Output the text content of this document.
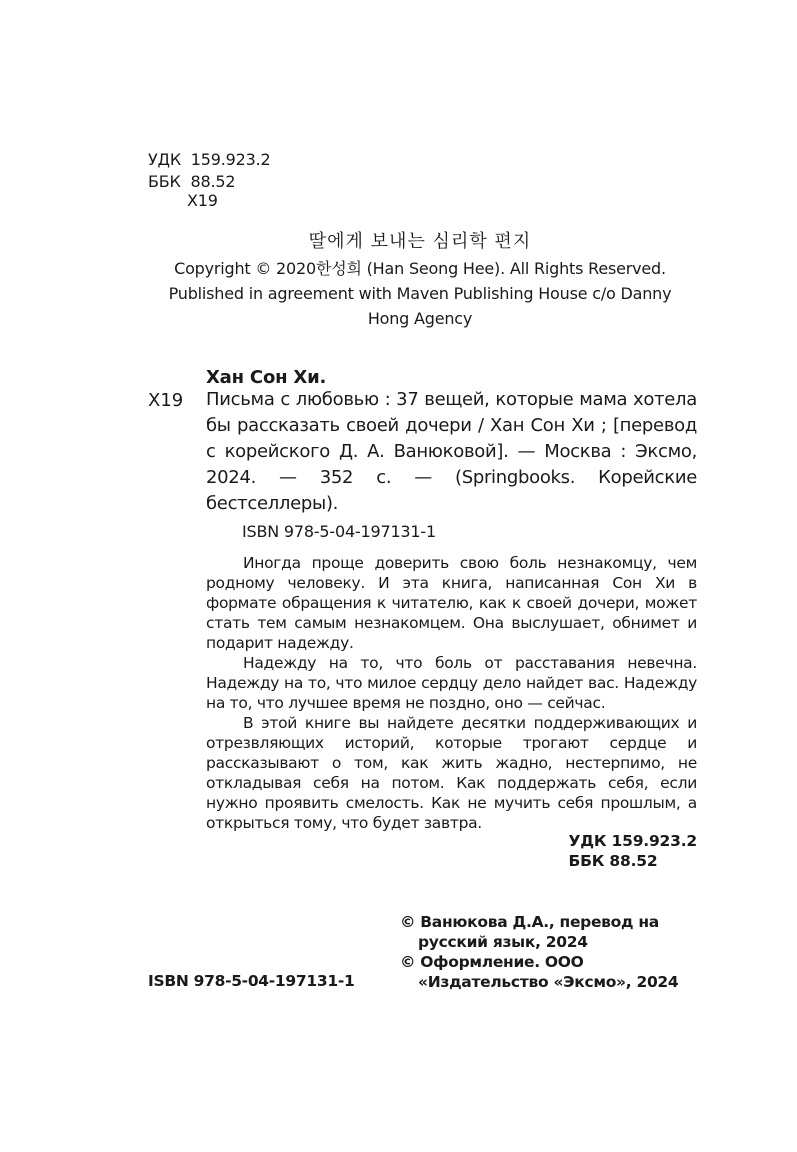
УДК 159.923.2
ББК 88.52
Х19
딸에게 보내는 심리학 편지
Copyright © 2020한성희 (Han Seong Hee). All Rights Reserved.
Published in agreement with Maven Publishing House c/o Danny
Hong Agency
Хан Сон Хи.
Х19 Письма с любовью : 37 вещей, которые мама хотела бы рассказать своей дочери / Хан Сон Хи ; [перевод с корейского Д. А. Ванюковой]. — Москва : Эксмо, 2024. — 352 с. — (Springbooks. Корейские бестселлеры).
ISBN 978-5-04-197131-1

Иногда проще доверить свою боль незнакомцу, чем родному человеку. И эта книга, написанная Сон Хи в формате обращения к читателю, как к своей дочери, может стать тем самым незнакомцем. Она выслушает, обнимет и подарит надежду.

Надежду на то, что боль от расставания невечна. Надежду на то, что милое сердцу дело найдет вас. Надежду на то, что лучшее время не поздно, оно — сейчас.

В этой книге вы найдете десятки поддерживающих и отрезвляющих историй, которые трогают сердце и рассказывают о том, как жить жадно, нестерпимо, не откладывая себя на потом. Как поддержать себя, если нужно проявить смелость. Как не мучить себя прошлым, а открыться тому, что будет завтра.

УДК 159.923.2
ББК 88.52
© Ванюкова Д.А., перевод на русский язык, 2024
© Оформление. ООО «Издательство «Эксмо», 2024
ISBN 978-5-04-197131-1
